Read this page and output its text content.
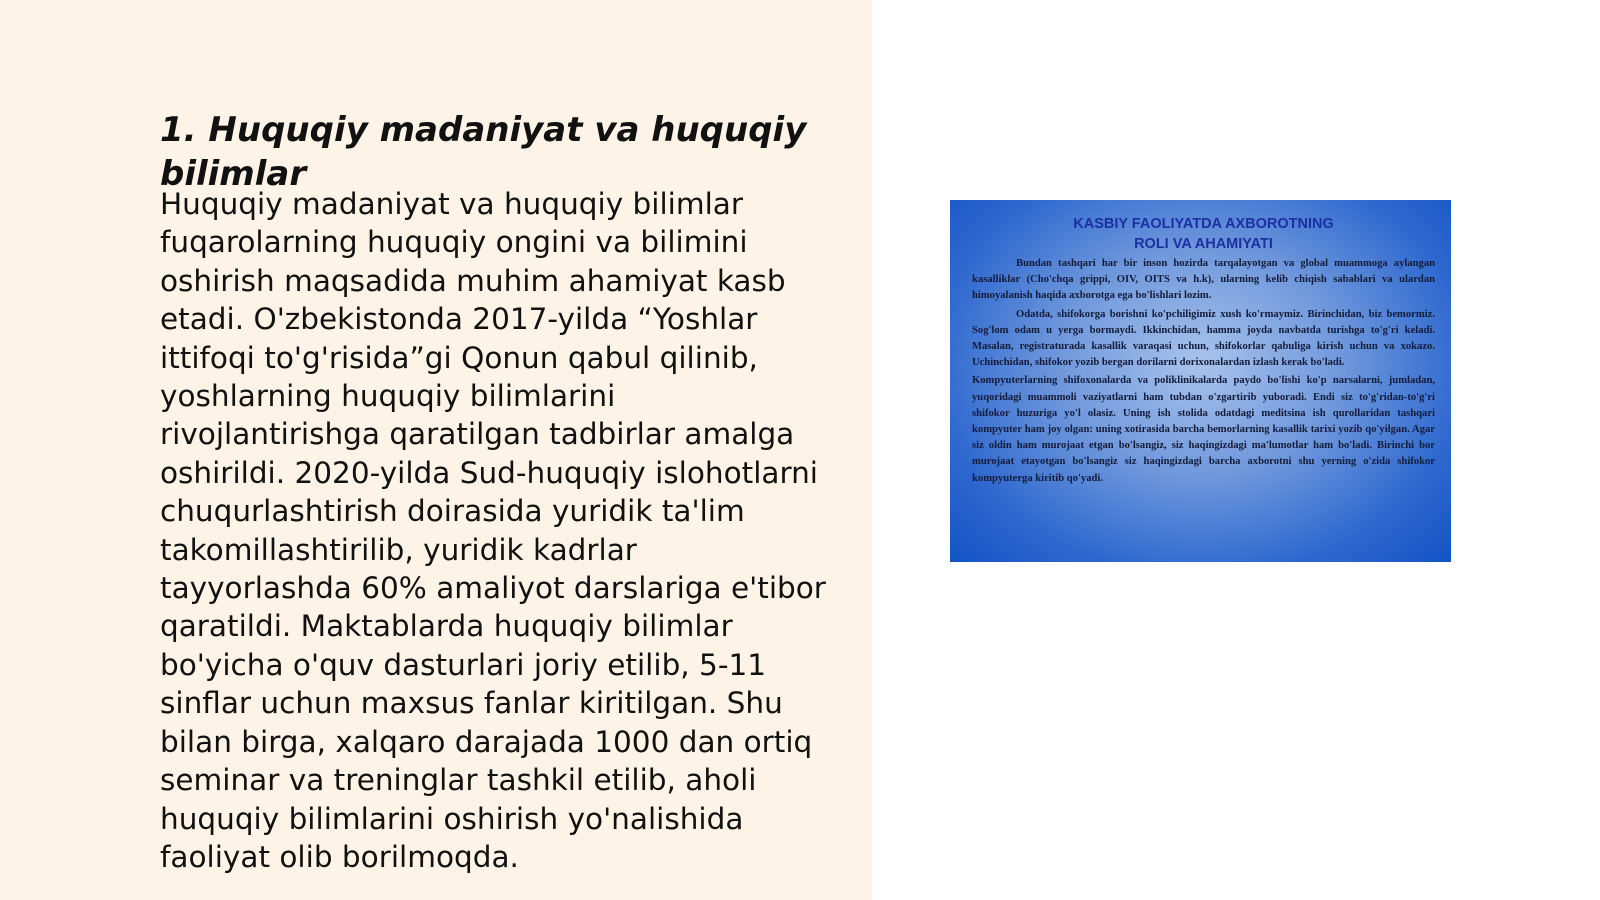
1. Huquqiy madaniyat va huquqiy bilimlar

Huquqiy madaniyat va huquqiy bilimlar fuqarolarning huquqiy ongini va bilimini oshirish maqsadida muhim ahamiyat kasb etadi. O'zbekistonda 2017-yilda “Yoshlar ittifoqi to'g'risida”gi Qonun qabul qilinib, yoshlarning huquqiy bilimlarini rivojlantirishga qaratilgan tadbirlar amalga oshirildi. 2020-yilda Sud-huquqiy islohotlarni chuqurlashtirish doirasida yuridik ta'lim takomillashtirilib, yuridik kadrlar tayyorlashda 60% amaliyot darslariga e'tibor qaratildi. Maktablarda huquqiy bilimlar bo'yicha o'quv dasturlari joriy etilib, 5-11 sinflar uchun maxsus fanlar kiritilgan. Shu bilan birga, xalqaro darajada 1000 dan ortiq seminar va treninglar tashkil etilib, aholi huquqiy bilimlarini oshirish yo'nalishida faoliyat olib borilmoqda.

KASBIY FAOLIYATDA AXBOROTNING
ROLI VA AHAMIYATI

Bundan tashqari har bir inson hozirda tarqalayotgan va global muammoga aylangan kasalliklar (Cho'chqa grippi, OIV, OITS va h.k), ularning kelib chiqish sabablari va ulardan himoyalanish haqida axborotga ega bo'lishlari lozim.

Odatda, shifokorga borishni ko'pchiligimiz xush ko'rmaymiz. Birinchidan, biz bemormiz. Sog'lom odam u yerga bormaydi. Ikkinchidan, hamma joyda navbatda turishga to'g'ri keladi. Masalan, registraturada kasallik varaqasi uchun, shifokorlar qabuliga kirish uchun va xokazo. Uchinchidan, shifokor yozib bergan dorilarni dorixonalardan izlash kerak bo'ladi.

Kompyuterlarning shifoxonalarda va poliklinikalarda paydo bo'lishi ko'p narsalarni, jumladan, yuqoridagi muammoli vaziyatlarni ham tubdan o'zgartirib yuboradi. Endi siz to'g'ridan-to'g'ri shifokor huzuriga yo'l olasiz. Uning ish stolida odatdagi meditsina ish qurollaridan tashqari kompyuter ham joy olgan: uning xotirasida barcha bemorlarning kasallik tarixi yozib qo'yilgan. Agar siz oldin ham murojaat etgan bo'lsangiz, siz haqingizdagi ma'lumotlar ham bo'ladi. Birinchi bor murojaat etayotgan bo'lsangiz siz haqingizdagi barcha axborotni shu yerning o'zida shifokor kompyuterga kiritib qo'yadi.
